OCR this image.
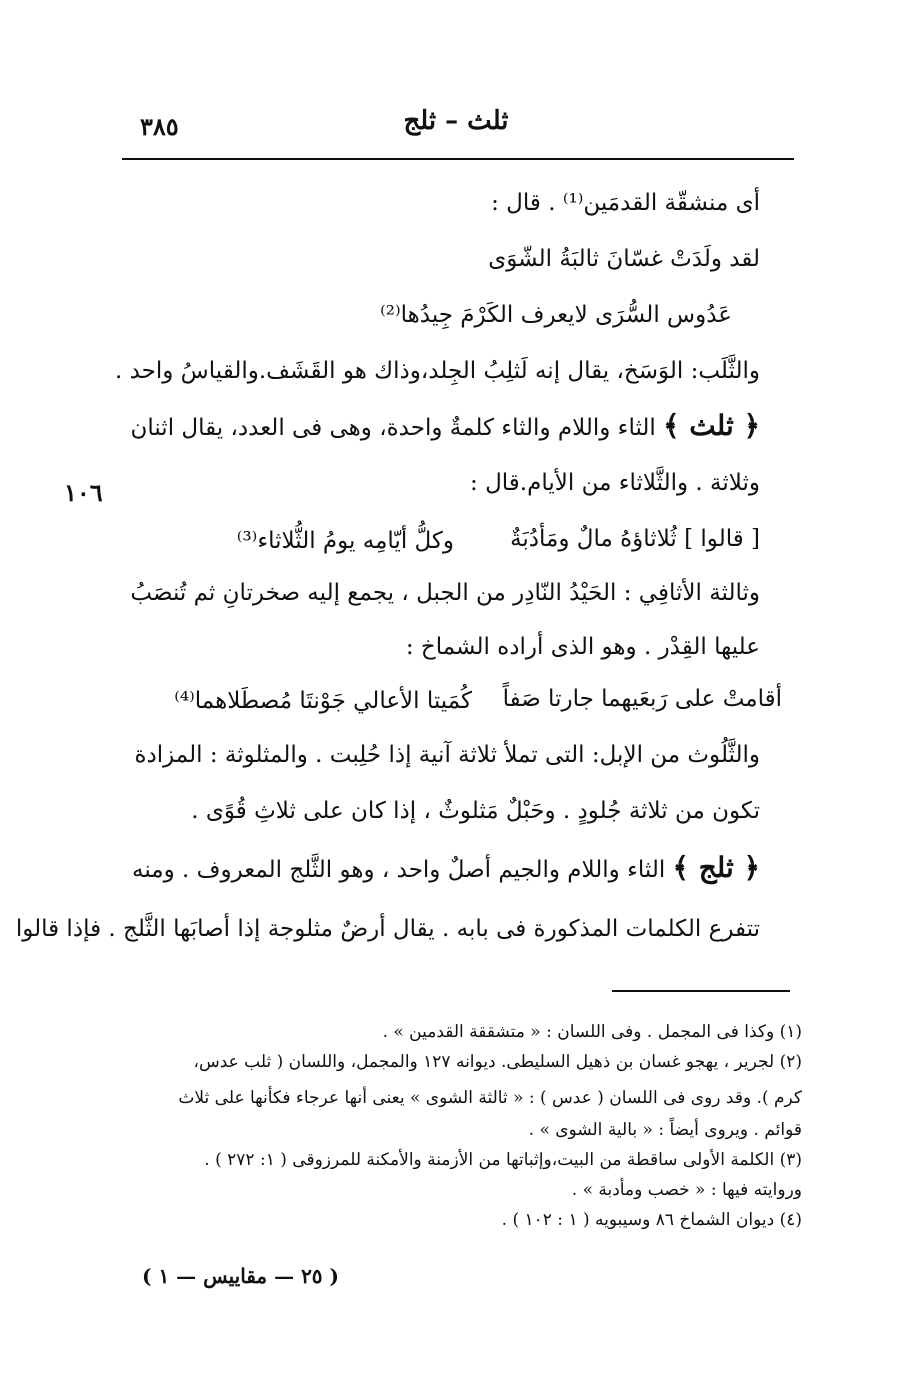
ثلث – ثلج
٣٨٥
١٠٦
أى منشقّة القدمَين⁽¹⁾ . قال :
لقد ولَدَتْ غسّانَ ثالبَةُ الشّوَى
عَدُوس السُّرَى لايعرف الكَرْمَ جِيدُها⁽²⁾
والثَّلَب: الوَسَخ، يقال إنه لَثلِبُ الجِلد،وذاك هو القَشَف.والقياسُ واحد .
﴿ ثلث ﴾ الثاء واللام والثاء كلمةٌ واحدة، وهى فى العدد، يقال اثنان
وثلاثة . والثَّلاثاء من الأيام.قال :
[ قالوا ] ثُلاثاؤهُ مالٌ ومَأدُبَةٌ
وكلُّ أيّامِه يومُ الثُّلاثاء⁽³⁾
وثالثة الأثافِي : الحَيْدُ النّادِر من الجبل ، يجمع إليه صخرتانِ ثم تُنصَبُ
عليها القِدْر . وهو الذى أراده الشماخ :
أقامتْ على رَبعَيهما جارتا صَفاً
كُمَيتا الأعالي جَوْنتَا مُصطَلاهما⁽⁴⁾
والثَّلُوث من الإبل: التى تملأ ثلاثة آنية إذا حُلِبت . والمثلوثة : المزادة
تكون من ثلاثة جُلودٍ . وحَبْلٌ مَثلوثٌ ، إذا كان على ثلاثِ قُوًى .
﴿ ثلج ﴾ الثاء واللام والجيم أصلٌ واحد ، وهو الثَّلج المعروف . ومنه
تتفرع الكلمات المذكورة فى بابه . يقال أرضٌ مثلوجة إذا أصابَها الثَّلج . فإذا قالوا
(١) وكذا فى المجمل . وفى اللسان : « متشققة القدمين » .
(٢) لجرير ، يهجو غسان بن ذهيل السليطى. ديوانه ١٢٧ والمجمل، واللسان ( ثلب عدس،
كرم ). وقد روى فى اللسان ( عدس ) : « ثالثة الشوى » يعنى أنها عرجاء فكأنها على ثلاث
قوائم . ويروى أيضاً : « بالية الشوى » .
(٣) الكلمة الأولى ساقطة من البيت،وإثباتها من الأزمنة والأمكنة للمرزوقى ( ١: ٢٧٢ ) .
وروايته فيها : « خصب ومأدبة » .
(٤) ديوان الشماخ ٨٦ وسيبويه ( ١ : ١٠٢ ) .
( ٢٥ — مقاييس — ١ )
